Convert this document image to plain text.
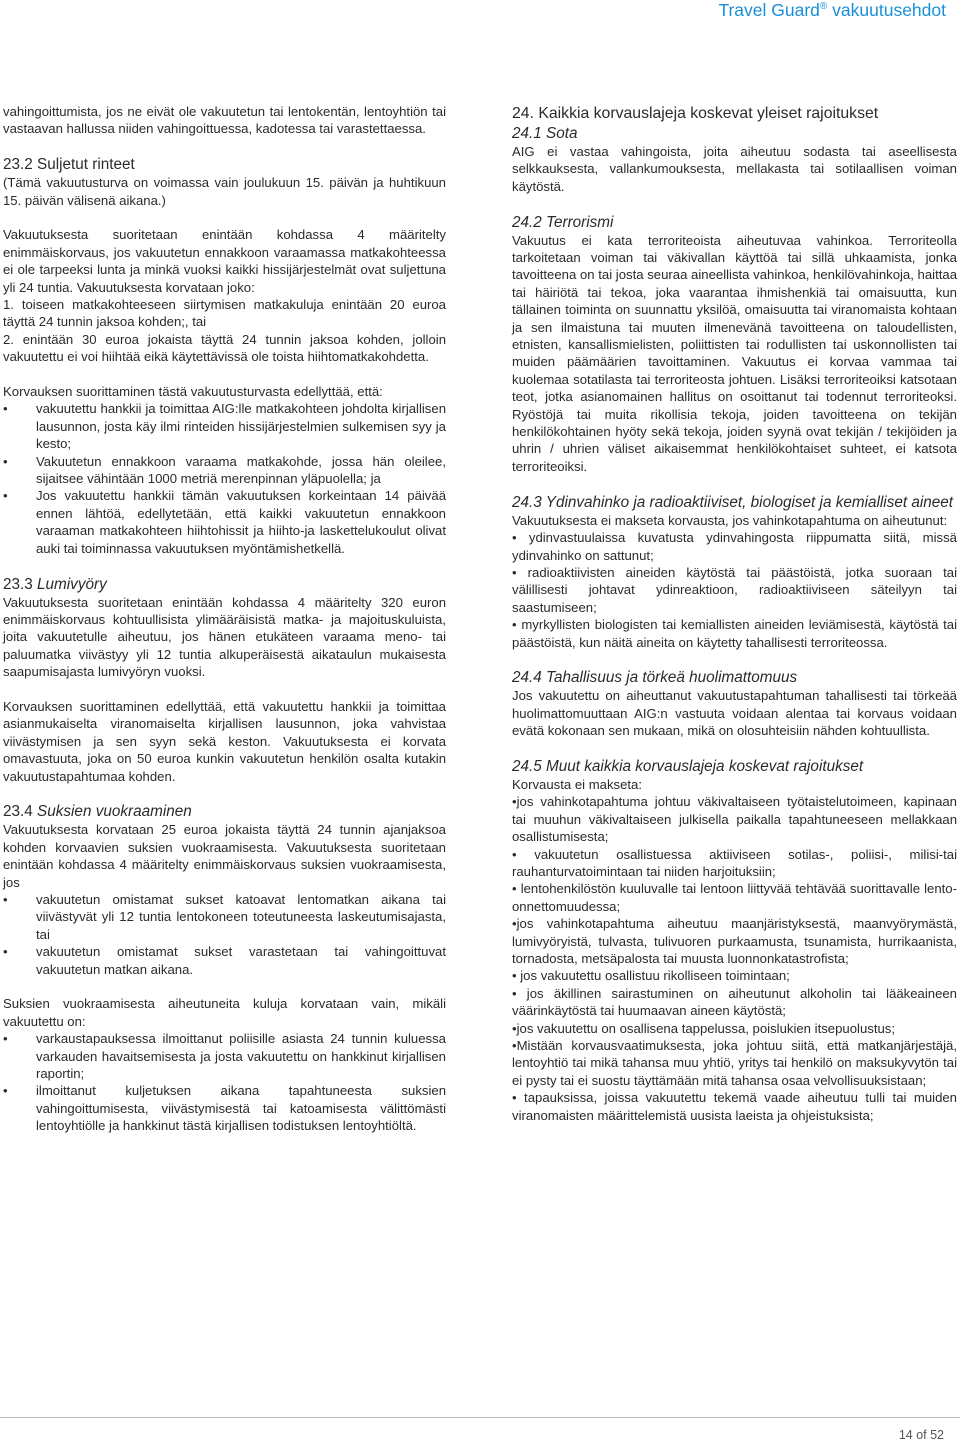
Travel Guard® vakuutusehdot

vahingoittumista, jos ne eivät ole vakuutetun tai lentokentän, lentoyhtiön tai vastaavan hallussa niiden vahingoittuessa, kadotessa tai varastettaessa.

23.2 Suljetut rinteet

(Tämä vakuutusturva on voimassa vain joulukuun 15. päivän ja huhtikuun 15. päivän välisenä aikana.)

Vakuutuksesta suoritetaan enintään kohdassa 4 määritelty enimmäiskorvaus, jos vakuutetun ennakkoon varaamassa matkakohteessa ei ole tarpeeksi lunta ja minkä vuoksi kaikki hissijärjestelmät ovat suljettuna yli 24 tuntia. Vakuutuksesta korvataan joko:

1. toiseen matkakohteeseen siirtymisen matkakuluja enintään 20 euroa täyttä 24 tunnin jaksoa kohden;, tai

2. enintään 30 euroa jokaista täyttä 24 tunnin jaksoa kohden, jolloin vakuutettu ei voi hiihtää eikä käytettävissä ole toista hiihtomatkakohdetta.

Korvauksen suorittaminen tästä vakuutusturvasta edellyttää, että:

• vakuutettu hankkii ja toimittaa AIG:lle matkakohteen johdolta kirjallisen lausunnon, josta käy ilmi rinteiden hissijärjestelmien sulkemisen syy ja kesto;

• Vakuutetun ennakkoon varaama matkakohde, jossa hän oleilee, sijaitsee vähintään 1000 metriä merenpinnan yläpuolella; ja

• Jos vakuutettu hankkii tämän vakuutuksen korkeintaan 14 päivää ennen lähtöä, edellytetään, että kaikki vakuutetun ennakkoon varaaman matkakohteen hiihtohissit ja hiihto-ja laskettelukoulut olivat auki tai toiminnassa vakuutuksen myöntämishetkellä.

23.3 Lumivyöry

Vakuutuksesta suoritetaan enintään kohdassa 4 määritelty 320 euron enimmäiskorvaus kohtuullisista ylimääräisistä matka- ja majoituskuluista, joita vakuutetulle aiheutuu, jos hänen etukäteen varaama meno- tai paluumatka viivästyy yli 12 tuntia alkuperäisestä aikataulun mukaisesta saapumisajasta lumivyöryn vuoksi.

Korvauksen suorittaminen edellyttää, että vakuutettu hankkii ja toimittaa asianmukaiselta viranomaiselta kirjallisen lausunnon, joka vahvistaa viivästymisen ja sen syyn sekä keston. Vakuutuksesta ei korvata omavastuuta, joka on 50 euroa kunkin vakuutetun henkilön osalta kutakin vakuutustapahtumaa kohden.

23.4 Suksien vuokraaminen

Vakuutuksesta korvataan 25 euroa jokaista täyttä 24 tunnin ajanjaksoa kohden korvaavien suksien vuokraamisesta. Vakuutuksesta suoritetaan enintään kohdassa 4 määritelty enimmäiskorvaus suksien vuokraamisesta, jos

• vakuutetun omistamat sukset katoavat lentomatkan aikana tai viivästyvät yli 12 tuntia lentokoneen toteutuneesta laskeutumisajasta, tai

• vakuutetun omistamat sukset varastetaan tai vahingoittuvat vakuutetun matkan aikana.

Suksien vuokraamisesta aiheutuneita kuluja korvataan vain, mikäli vakuutettu on:

• varkaustapauksessa ilmoittanut poliisille asiasta 24 tunnin kuluessa varkauden havaitsemisesta ja josta vakuutettu on hankkinut kirjallisen raportin;

• ilmoittanut kuljetuksen aikana tapahtuneesta suksien vahingoittumisesta, viivästymisestä tai katoamisesta välittömästi lentoyhtiölle ja hankkinut tästä kirjallisen todistuksen lentoyhtiöltä.

24. Kaikkia korvauslajeja koskevat yleiset rajoitukset

24.1 Sota

AIG ei vastaa vahingoista, joita aiheutuu sodasta tai aseellisesta selkkauksesta, vallankumouksesta, mellakasta tai sotilaallisen voiman käytöstä.

24.2 Terrorismi

Vakuutus ei kata terroriteoista aiheutuvaa vahinkoa. Terroriteolla tarkoitetaan voiman tai väkivallan käyttöä tai sillä uhkaamista, jonka tavoitteena on tai josta seuraa aineellista vahinkoa, henkilövahinkoja, haittaa tai häiriötä tai tekoa, joka vaarantaa ihmishenkiä tai omaisuutta, kun tällainen toiminta on suunnattu yksilöä, omaisuutta tai viranomaista kohtaan ja sen ilmaistuna tai muuten ilmenevänä tavoitteena on taloudellisten, etnisten, kansallismielisten, poliittisten tai rodullisten tai uskonnollisten tai muiden päämäärien tavoittaminen. Vakuutus ei korvaa vammaa tai kuolemaa sotatilasta tai terroriteosta johtuen. Lisäksi terroriteoiksi katsotaan teot, jotka asianomainen hallitus on osoittanut tai todennut terroriteoksi. Ryöstöjä tai muita rikollisia tekoja, joiden tavoitteena on tekijän henkilökohtainen hyöty sekä tekoja, joiden syynä ovat tekijän / tekijöiden ja uhrin / uhrien väliset aikaisemmat henkilökohtaiset suhteet, ei katsota terroriteoiksi.

24.3 Ydinvahinko ja radioaktiiviset, biologiset ja kemialliset aineet

Vakuutuksesta ei makseta korvausta, jos vahinkotapahtuma on aiheutunut:

• ydinvastuulaissa kuvatusta ydinvahingosta riippumatta siitä, missä ydinvahinko on sattunut;

• radioaktiivisten aineiden käytöstä tai päästöistä, jotka suoraan tai välillisesti johtavat ydinreaktioon, radioaktiiviseen säteilyyn tai saastumiseen;

• myrkyllisten biologisten tai kemiallisten aineiden leviämisestä, käytöstä tai päästöistä, kun näitä aineita on käytetty tahallisesti terroriteossa.

24.4 Tahallisuus ja törkeä huolimattomuus

Jos vakuutettu on aiheuttanut vakuutustapahtuman tahallisesti tai törkeää huolimattomuuttaan AIG:n vastuuta voidaan alentaa tai korvaus voidaan evätä kokonaan sen mukaan, mikä on olosuhteisiin nähden kohtuullista.

24.5 Muut kaikkia korvauslajeja koskevat rajoitukset

Korvausta ei makseta:

•jos vahinkotapahtuma johtuu väkivaltaiseen työtaistelutoimeen, kapinaan tai muuhun väkivaltaiseen julkisella paikalla tapahtuneeseen mellakkaan osallistumisesta;

• vakuutetun osallistuessa aktiiviseen sotilas-, poliisi-, milisi-tai rauhanturvatoimintaan tai niiden harjoituksiin;

• lentohenkilöstön kuuluvalle tai lentoon liittyvää tehtävää suorittavalle lento-onnettomuudessa;

•jos vahinkotapahtuma aiheutuu maanjäristyksestä, maanvyörymästä, lumivyöryistä, tulvasta, tulivuoren purkaamusta, tsunamista, hurrikaanista, tornadosta, metsäpalosta tai muusta luonnonkatastrofista;

• jos vakuutettu osallistuu rikolliseen toimintaan;

• jos äkillinen sairastuminen on aiheutunut alkoholin tai lääkeaineen väärinkäytöstä tai huumaavan aineen käytöstä;

•jos vakuutettu on osallisena tappelussa, poislukien itsepuolustus;

•Mistään korvausvaatimuksesta, joka johtuu siitä, että matkanjärjestäjä, lentoyhtiö tai mikä tahansa muu yhtiö, yritys tai henkilö on maksukyvytön tai ei pysty tai ei suostu täyttämään mitä tahansa osaa velvollisuuksistaan;

• tapauksissa, joissa vakuutettu tekemä vaade aiheutuu tulli tai muiden viranomaisten määrittelemistä uusista laeista ja ohjeistuksista;

14 of 52
